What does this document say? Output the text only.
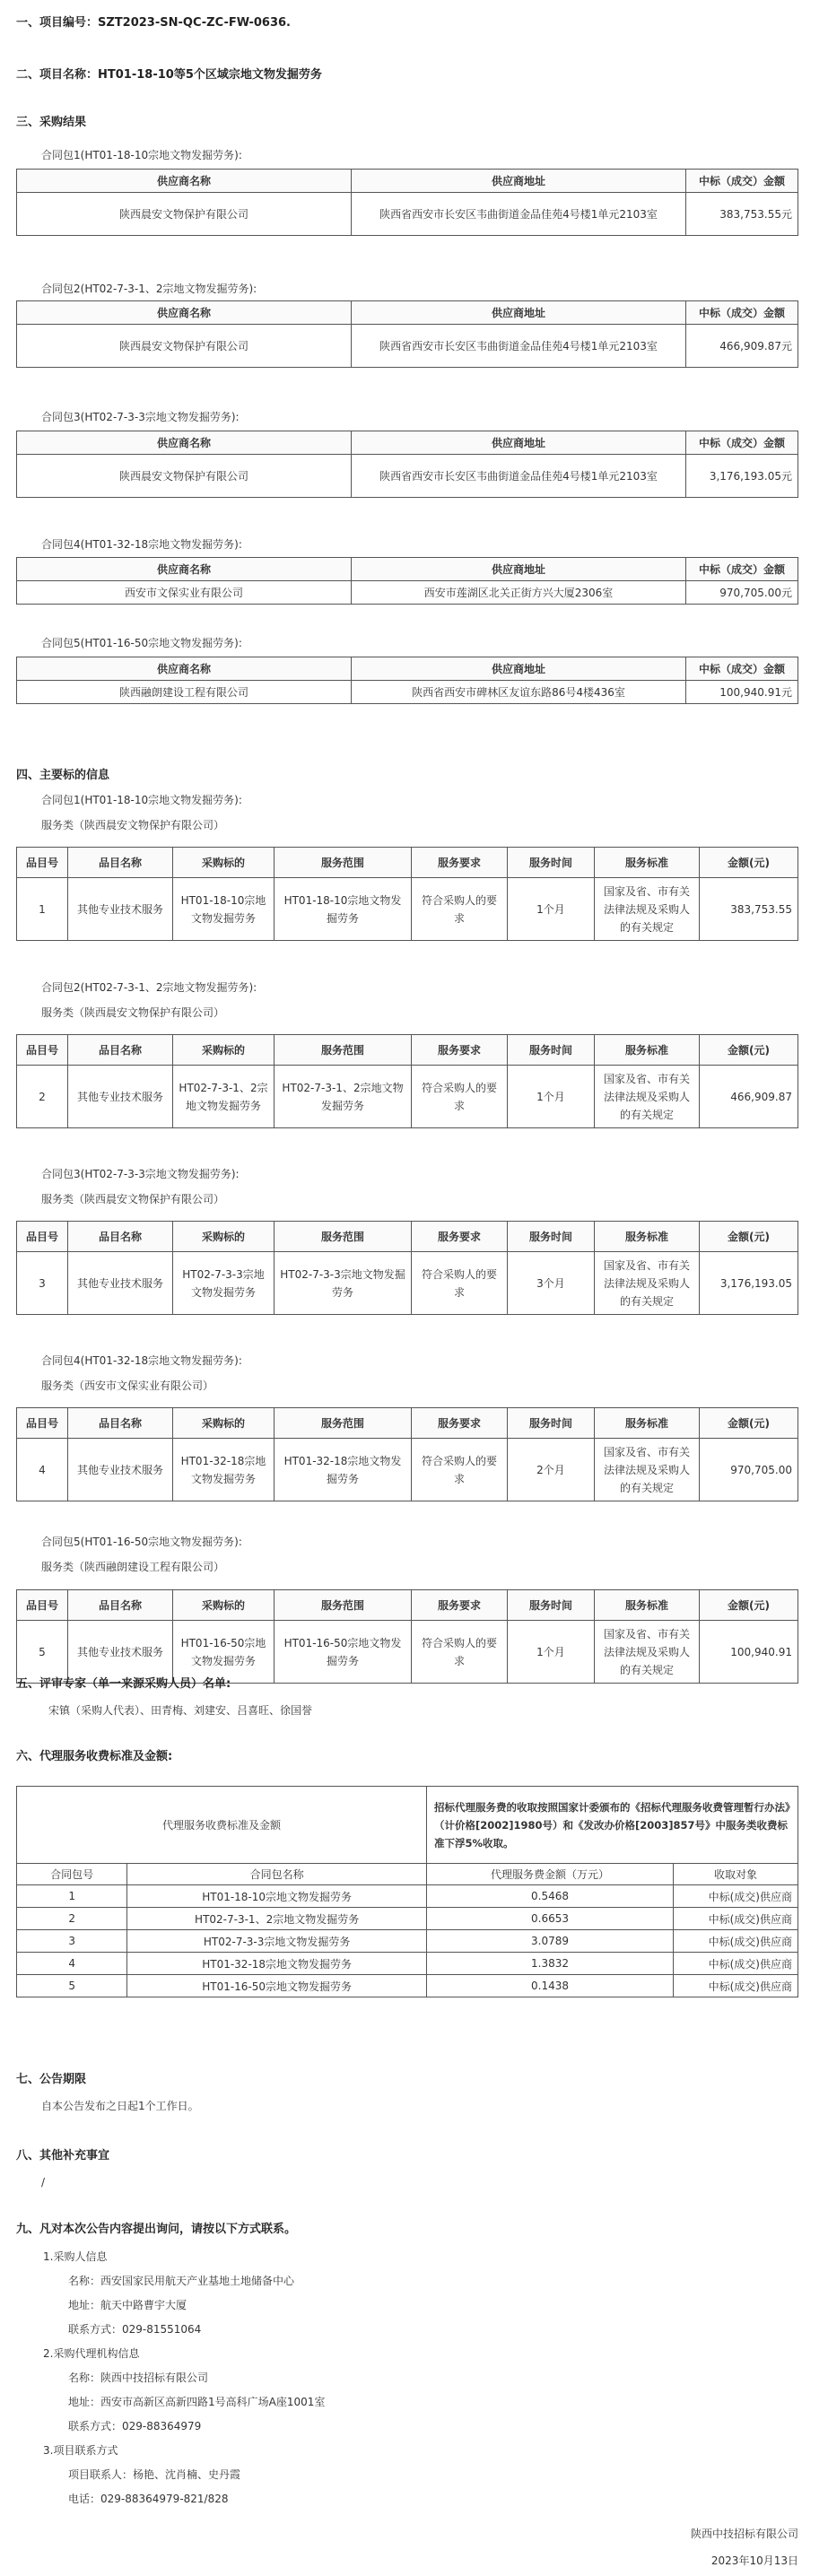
一、项目编号：SZT2023-SN-QC-ZC-FW-0636.
二、项目名称：HT01-18-10等5个区域宗地文物发掘劳务
三、采购结果
合同包1(HT01-18-10宗地文物发掘劳务):
供应商名称	供应商地址	中标（成交）金额
陕西晨安文物保护有限公司	陕西省西安市长安区韦曲街道金品佳苑4号楼1单元2103室	383,753.55元
合同包2(HT02-7-3-1、2宗地文物发掘劳务):
供应商名称	供应商地址	中标（成交）金额
陕西晨安文物保护有限公司	陕西省西安市长安区韦曲街道金品佳苑4号楼1单元2103室	466,909.87元
合同包3(HT02-7-3-3宗地文物发掘劳务):
供应商名称	供应商地址	中标（成交）金额
陕西晨安文物保护有限公司	陕西省西安市长安区韦曲街道金品佳苑4号楼1单元2103室	3,176,193.05元
合同包4(HT01-32-18宗地文物发掘劳务):
供应商名称	供应商地址	中标（成交）金额
西安市文保实业有限公司	西安市莲湖区北关正街方兴大厦2306室	970,705.00元
合同包5(HT01-16-50宗地文物发掘劳务):
供应商名称	供应商地址	中标（成交）金额
陕西融朗建设工程有限公司	陕西省西安市碑林区友谊东路86号4楼436室	100,940.91元
四、主要标的信息
合同包1(HT01-18-10宗地文物发掘劳务):
服务类（陕西晨安文物保护有限公司）
品目号	品目名称	采购标的	服务范围	服务要求	服务时间	服务标准	金额(元)
1	其他专业技术服务	HT01-18-10宗地文物发掘劳务	HT01-18-10宗地文物发掘劳务	符合采购人的要求	1个月	国家及省、市有关法律法规及采购人的有关规定	383,753.55
合同包2(HT02-7-3-1、2宗地文物发掘劳务):
服务类（陕西晨安文物保护有限公司）
品目号	品目名称	采购标的	服务范围	服务要求	服务时间	服务标准	金额(元)
2	其他专业技术服务	HT02-7-3-1、2宗地文物发掘劳务	HT02-7-3-1、2宗地文物发掘劳务	符合采购人的要求	1个月	国家及省、市有关法律法规及采购人的有关规定	466,909.87
合同包3(HT02-7-3-3宗地文物发掘劳务):
服务类（陕西晨安文物保护有限公司）
品目号	品目名称	采购标的	服务范围	服务要求	服务时间	服务标准	金额(元)
3	其他专业技术服务	HT02-7-3-3宗地文物发掘劳务	HT02-7-3-3宗地文物发掘劳务	符合采购人的要求	3个月	国家及省、市有关法律法规及采购人的有关规定	3,176,193.05
合同包4(HT01-32-18宗地文物发掘劳务):
服务类（西安市文保实业有限公司）
品目号	品目名称	采购标的	服务范围	服务要求	服务时间	服务标准	金额(元)
4	其他专业技术服务	HT01-32-18宗地文物发掘劳务	HT01-32-18宗地文物发掘劳务	符合采购人的要求	2个月	国家及省、市有关法律法规及采购人的有关规定	970,705.00
合同包5(HT01-16-50宗地文物发掘劳务):
服务类（陕西融朗建设工程有限公司）
品目号	品目名称	采购标的	服务范围	服务要求	服务时间	服务标准	金额(元)
5	其他专业技术服务	HT01-16-50宗地文物发掘劳务	HT01-16-50宗地文物发掘劳务	符合采购人的要求	1个月	国家及省、市有关法律法规及采购人的有关规定	100,940.91
五、评审专家（单一来源采购人员）名单:
宋镇（采购人代表）、田青梅、刘建安、吕喜旺、徐国誉
六、代理服务收费标准及金额:
代理服务收费标准及金额		招标代理服务费的收取按照国家计委颁布的《招标代理服务收费管理暂行办法》（计价格[2002]1980号）和《发改办价格[2003]857号》中服务类收费标准下浮5%收取。	
合同包号	合同包名称	代理服务费金额（万元）	收取对象
1	HT01-18-10宗地文物发掘劳务	0.5468	中标(成交)供应商
2	HT02-7-3-1、2宗地文物发掘劳务	0.6653	中标(成交)供应商
3	HT02-7-3-3宗地文物发掘劳务	3.0789	中标(成交)供应商
4	HT01-32-18宗地文物发掘劳务	1.3832	中标(成交)供应商
5	HT01-16-50宗地文物发掘劳务	0.1438	中标(成交)供应商
七、公告期限
自本公告发布之日起1个工作日。
八、其他补充事宜
/
九、凡对本次公告内容提出询问，请按以下方式联系。
1.采购人信息
名称：西安国家民用航天产业基地土地储备中心
地址：航天中路曹宇大厦
联系方式：029-81551064
2.采购代理机构信息
名称：陕西中技招标有限公司
地址：西安市高新区高新四路1号高科广场A座1001室
联系方式：029-88364979
3.项目联系方式
项目联系人：杨艳、沈肖楠、史丹霞
电话：029-88364979-821/828
陕西中技招标有限公司
2023年10月13日
